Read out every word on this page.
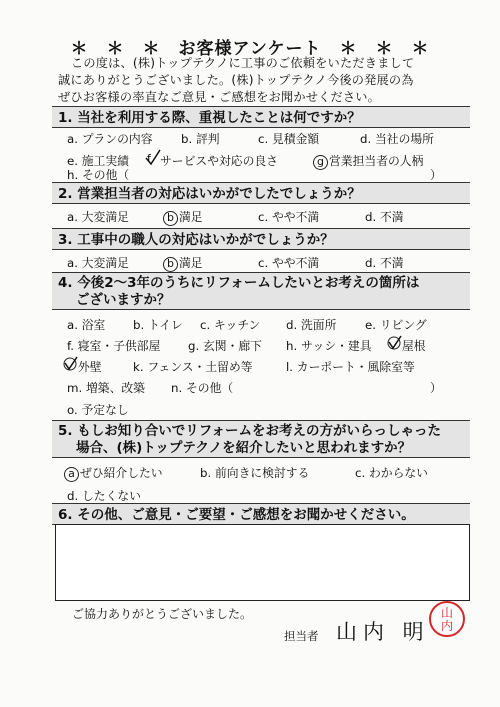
＊　＊　＊　お客様アンケート　＊　＊　＊
この度は、(株)トップテクノに工事のご依頼をいただきまして
誠にありがとうございました。(株)トップテクノ今後の発展の為
ぜひお客様の率直なご意見・ご感想をお聞かせください。
1. 当社を利用する際、重視したことは何ですか？
a. プランの内容 b. 評判	c. 見積金額	d. 当社の場所
e. 施工実績 f サービスや対応の良さ	g 営業担当者の人柄
h. その他（	）
2. 営業担当者の対応はいかがでしたでしょうか？
a. 大変満足	b 満足	c. やや不満	d. 不満
3. 工事中の職人の対応はいかがでしょうか？
a. 大変満足	b 満足	c. やや不満	d. 不満
4. 今後2～3年のうちにリフォームしたいとお考えの箇所は
ございますか？
a. 浴室 b. トイレ c. キッチン d. 洗面所 e. リビング
f. 寝室・子供部屋 g. 玄関・廊下 h. サッシ・建具	屋根
外壁	k. フェンス・土留め等	l. カーポート・風除室等
m. 増築、改築 n. その他（	）
o. 予定なし
5. もしお知り合いでリフォームをお考えの方がいらっしゃった
場合、(株)トップテクノを紹介したいと思われますか？
a ぜひ紹介したい	b. 前向きに検討する	c. わからない
d. したくない
6. その他、ご意見・ご要望・ご感想をお聞かせください。
ご協力ありがとうございました。
担当者 山内 明
山
内
